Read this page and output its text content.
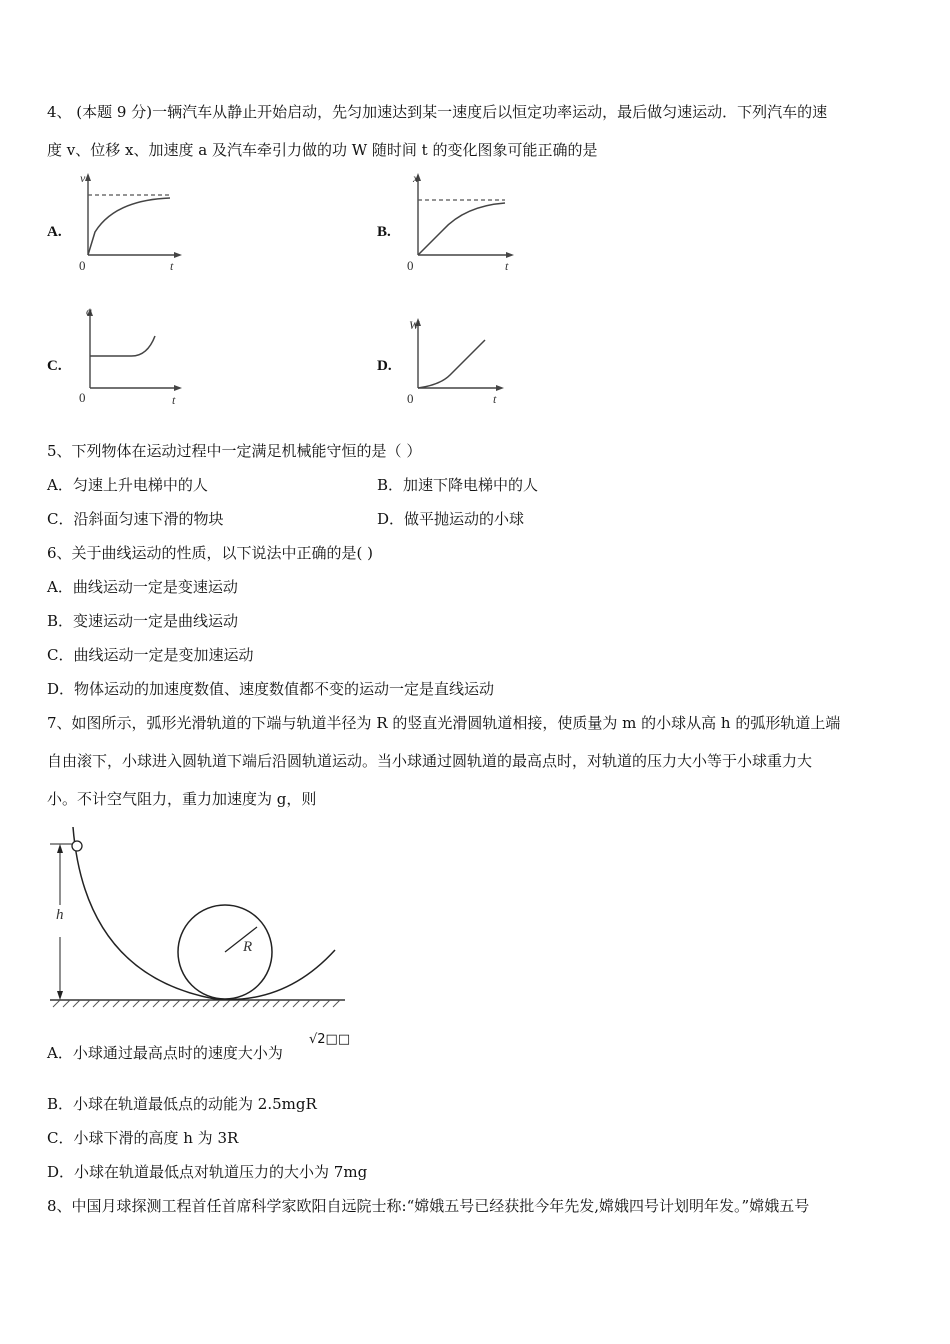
4、 (本题 9 分)一辆汽车从静止开始启动，先匀加速达到某一速度后以恒定功率运动，最后做匀速运动．下列汽车的速
度 v、位移 x、加速度 a 及汽车牵引力做的功 W 随时间 t 的变化图象可能正确的是
A.
v
t
0
B.
x
t
0
C.
a
t
0
D.
W
t
0
5、下列物体在运动过程中一定满足机械能守恒的是（ ）
A．匀速上升电梯中的人	B．加速下降电梯中的人
C．沿斜面匀速下滑的物块	D．做平抛运动的小球
6、关于曲线运动的性质，以下说法中正确的是( )
A．曲线运动一定是变速运动
B．变速运动一定是曲线运动
C．曲线运动一定是变加速运动
D．物体运动的加速度数值、速度数值都不变的运动一定是直线运动
7、如图所示，弧形光滑轨道的下端与轨道半径为 R 的竖直光滑圆轨道相接，使质量为 m 的小球从高 h 的弧形轨道上端
自由滚下，小球进入圆轨道下端后沿圆轨道运动。当小球通过圆轨道的最高点时，对轨道的压力大小等于小球重力大
小。不计空气阻力，重力加速度为 g，则
R
h
A．小球通过最高点时的速度大小为
√2□□
B．小球在轨道最低点的动能为 2.5mgR
C．小球下滑的高度 h 为 3R
D．小球在轨道最低点对轨道压力的大小为 7mg
8、中国月球探测工程首任首席科学家欧阳自远院士称:“嫦娥五号已经获批今年先发,嫦娥四号计划明年发。”嫦娥五号
